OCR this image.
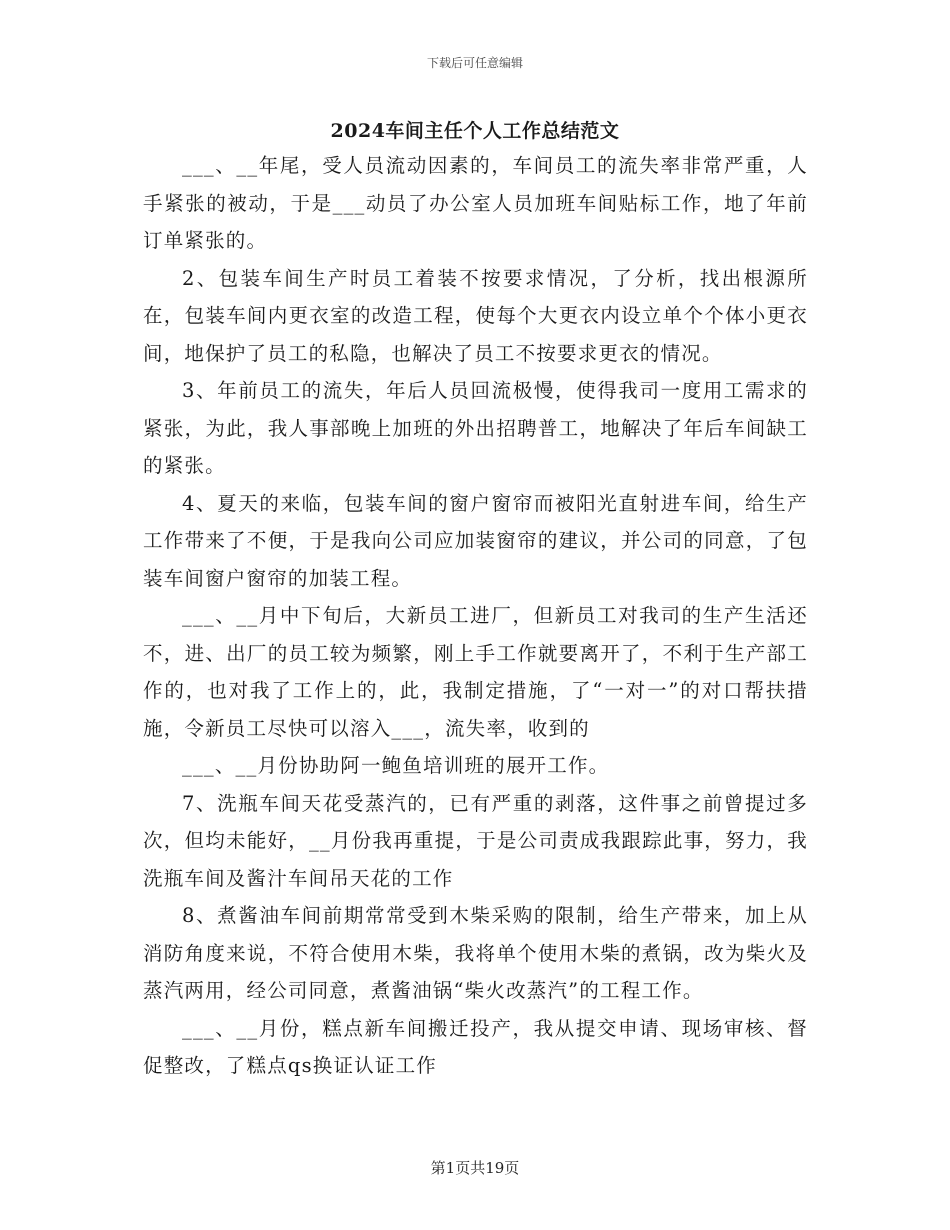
下载后可任意编辑
2024车间主任个人工作总结范文

___、__年尾，受人员流动因素的，车间员工的流失率非常严重，人手紧张的被动，于是___动员了办公室人员加班车间贴标工作，地了年前订单紧张的。

2、包装车间生产时员工着装不按要求情况，了分析，找出根源所在，包装车间内更衣室的改造工程，使每个大更衣内设立单个个体小更衣间，地保护了员工的私隐，也解决了员工不按要求更衣的情况。

3、年前员工的流失，年后人员回流极慢，使得我司一度用工需求的紧张，为此，我人事部晚上加班的外出招聘普工，地解决了年后车间缺工的紧张。

4、夏天的来临，包装车间的窗户窗帘而被阳光直射进车间，给生产工作带来了不便，于是我向公司应加装窗帘的建议，并公司的同意，了包装车间窗户窗帘的加装工程。

___、__月中下旬后，大新员工进厂，但新员工对我司的生产生活还不，进、出厂的员工较为频繁，刚上手工作就要离开了，不利于生产部工作的，也对我了工作上的，此，我制定措施，了“一对一”的对口帮扶措施，令新员工尽快可以溶入___，流失率，收到的

___、__月份协助阿一鲍鱼培训班的展开工作。

7、洗瓶车间天花受蒸汽的，已有严重的剥落，这件事之前曾提过多次，但均未能好，__月份我再重提，于是公司责成我跟踪此事，努力，我洗瓶车间及酱汁车间吊天花的工作

8、煮酱油车间前期常常受到木柴采购的限制，给生产带来，加上从消防角度来说，不符合使用木柴，我将单个使用木柴的煮锅，改为柴火及蒸汽两用，经公司同意，煮酱油锅“柴火改蒸汽”的工程工作。

___、__月份，糕点新车间搬迁投产，我从提交申请、现场审核、督促整改，了糕点qs换证认证工作

第1页共19页
